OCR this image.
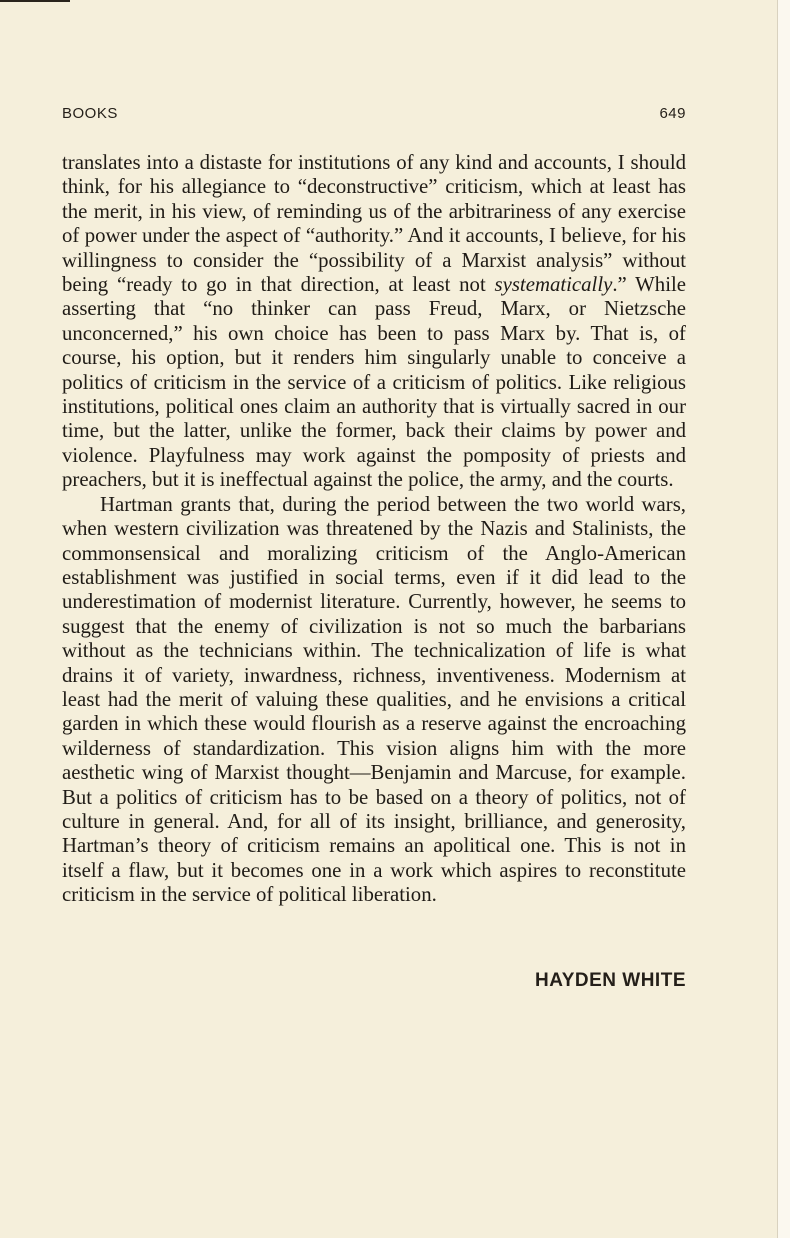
BOOKS	649

translates into a distaste for institutions of any kind and accounts, I should think, for his allegiance to “deconstructive” criticism, which at least has the merit, in his view, of reminding us of the arbitrariness of any exercise of power under the aspect of “authority.” And it accounts, I believe, for his willingness to consider the “possibility of a Marxist analysis” without being “ready to go in that direction, at least not systematically.” While asserting that “no thinker can pass Freud, Marx, or Nietzsche unconcerned,” his own choice has been to pass Marx by. That is, of course, his option, but it renders him singularly unable to conceive a politics of criticism in the service of a criticism of politics. Like religious institutions, political ones claim an authority that is virtually sacred in our time, but the latter, unlike the former, back their claims by power and violence. Playfulness may work against the pomposity of priests and preachers, but it is ineffectual against the police, the army, and the courts.

Hartman grants that, during the period between the two world wars, when western civilization was threatened by the Nazis and Stalinists, the commonsensical and moralizing criticism of the Anglo-American establishment was justified in social terms, even if it did lead to the underestimation of modernist literature. Currently, however, he seems to suggest that the enemy of civilization is not so much the barbarians without as the technicians within. The technicalization of life is what drains it of variety, inwardness, richness, inventiveness. Modernism at least had the merit of valuing these qualities, and he envisions a critical garden in which these would flourish as a reserve against the encroaching wilderness of standardization. This vision aligns him with the more aesthetic wing of Marxist thought—Benjamin and Marcuse, for example. But a politics of criticism has to be based on a theory of politics, not of culture in general. And, for all of its insight, brilliance, and generosity, Hartman’s theory of criticism remains an apolitical one. This is not in itself a flaw, but it becomes one in a work which aspires to reconstitute criticism in the service of political liberation.

HAYDEN WHITE
